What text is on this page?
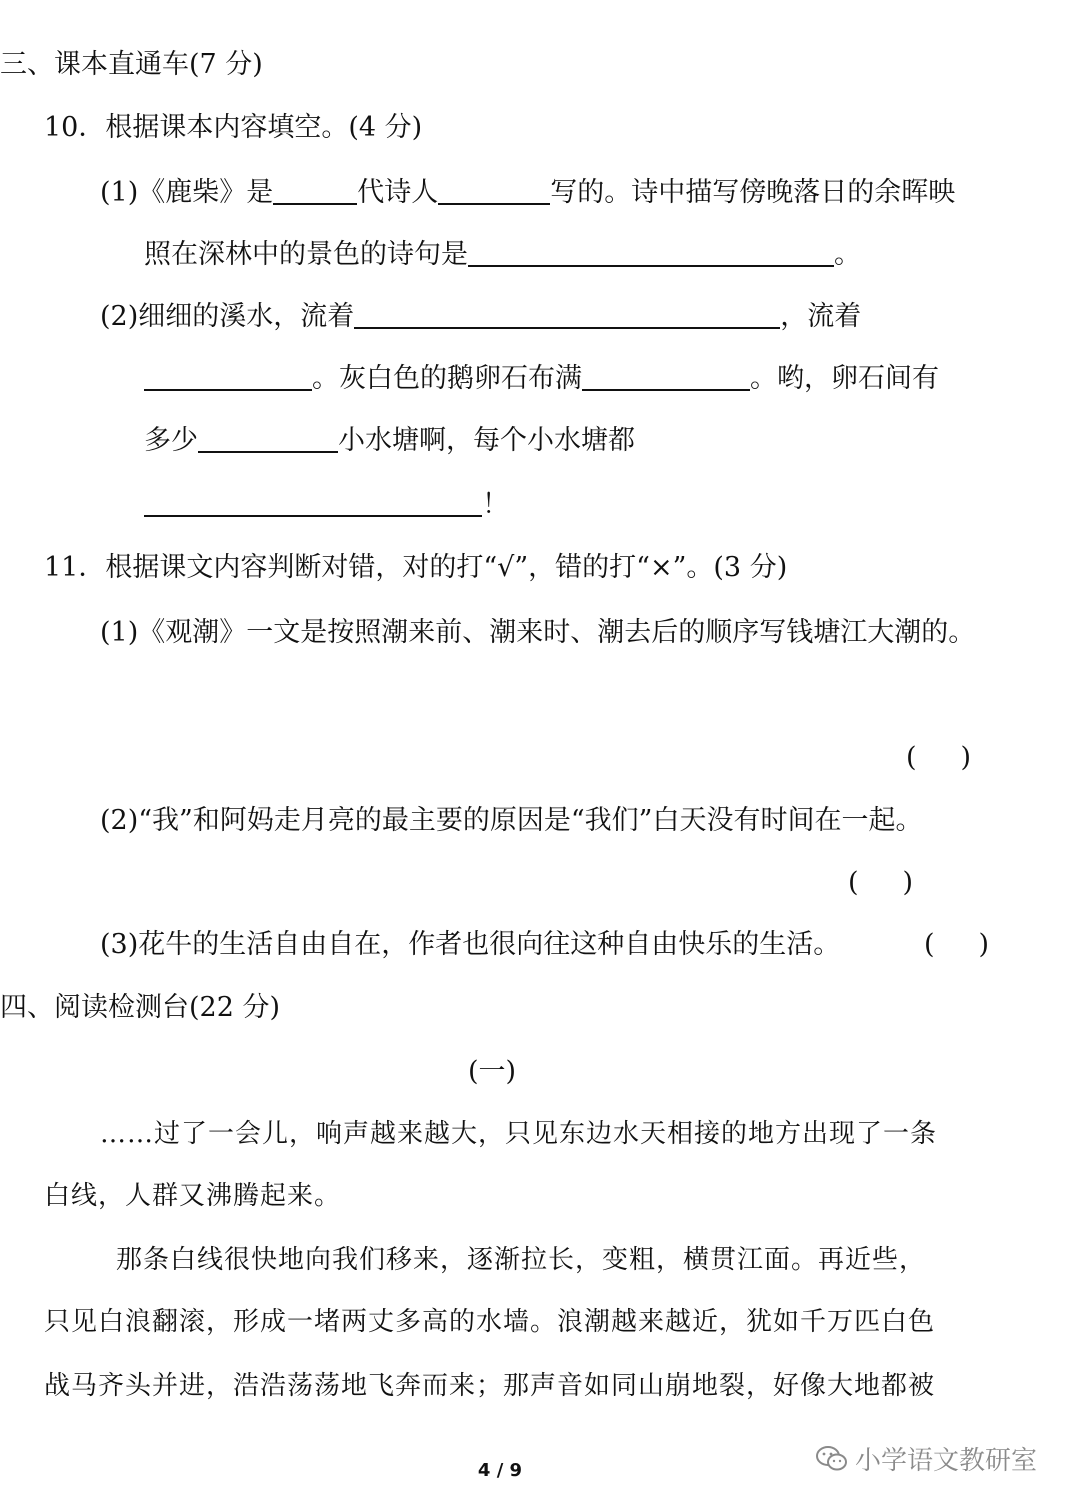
三、课本直通车(7 分)
10．根据课本内容填空。(4 分)
(1)《鹿柴》是	代诗人	写的。诗中描写傍晚落日的余晖映
照在深林中的景色的诗句是	。
(2)细细的溪水，流着	，流着
。灰白色的鹅卵石布满	。哟，卵石间有
多少	小水塘啊，每个小水塘都
！
11．根据课文内容判断对错，对的打“√”，错的打“×”。(3 分)
(1)《观潮》一文是按照潮来前、潮来时、潮去后的顺序写钱塘江大潮的。
( )
(2)“我”和阿妈走月亮的最主要的原因是“我们”白天没有时间在一起。
( )
(3)花牛的生活自由自在，作者也很向往这种自由快乐的生活。	( )
四、阅读检测台(22 分)
(一)
……过了一会儿，响声越来越大，只见东边水天相接的地方出现了一条
白线，人群又沸腾起来。
那条白线很快地向我们移来，逐渐拉长，变粗，横贯江面。再近些，
只见白浪翻滚，形成一堵两丈多高的水墙。浪潮越来越近，犹如千万匹白色
战马齐头并进，浩浩荡荡地飞奔而来；那声音如同山崩地裂，好像大地都被
4 / 9	小学语文教研室
